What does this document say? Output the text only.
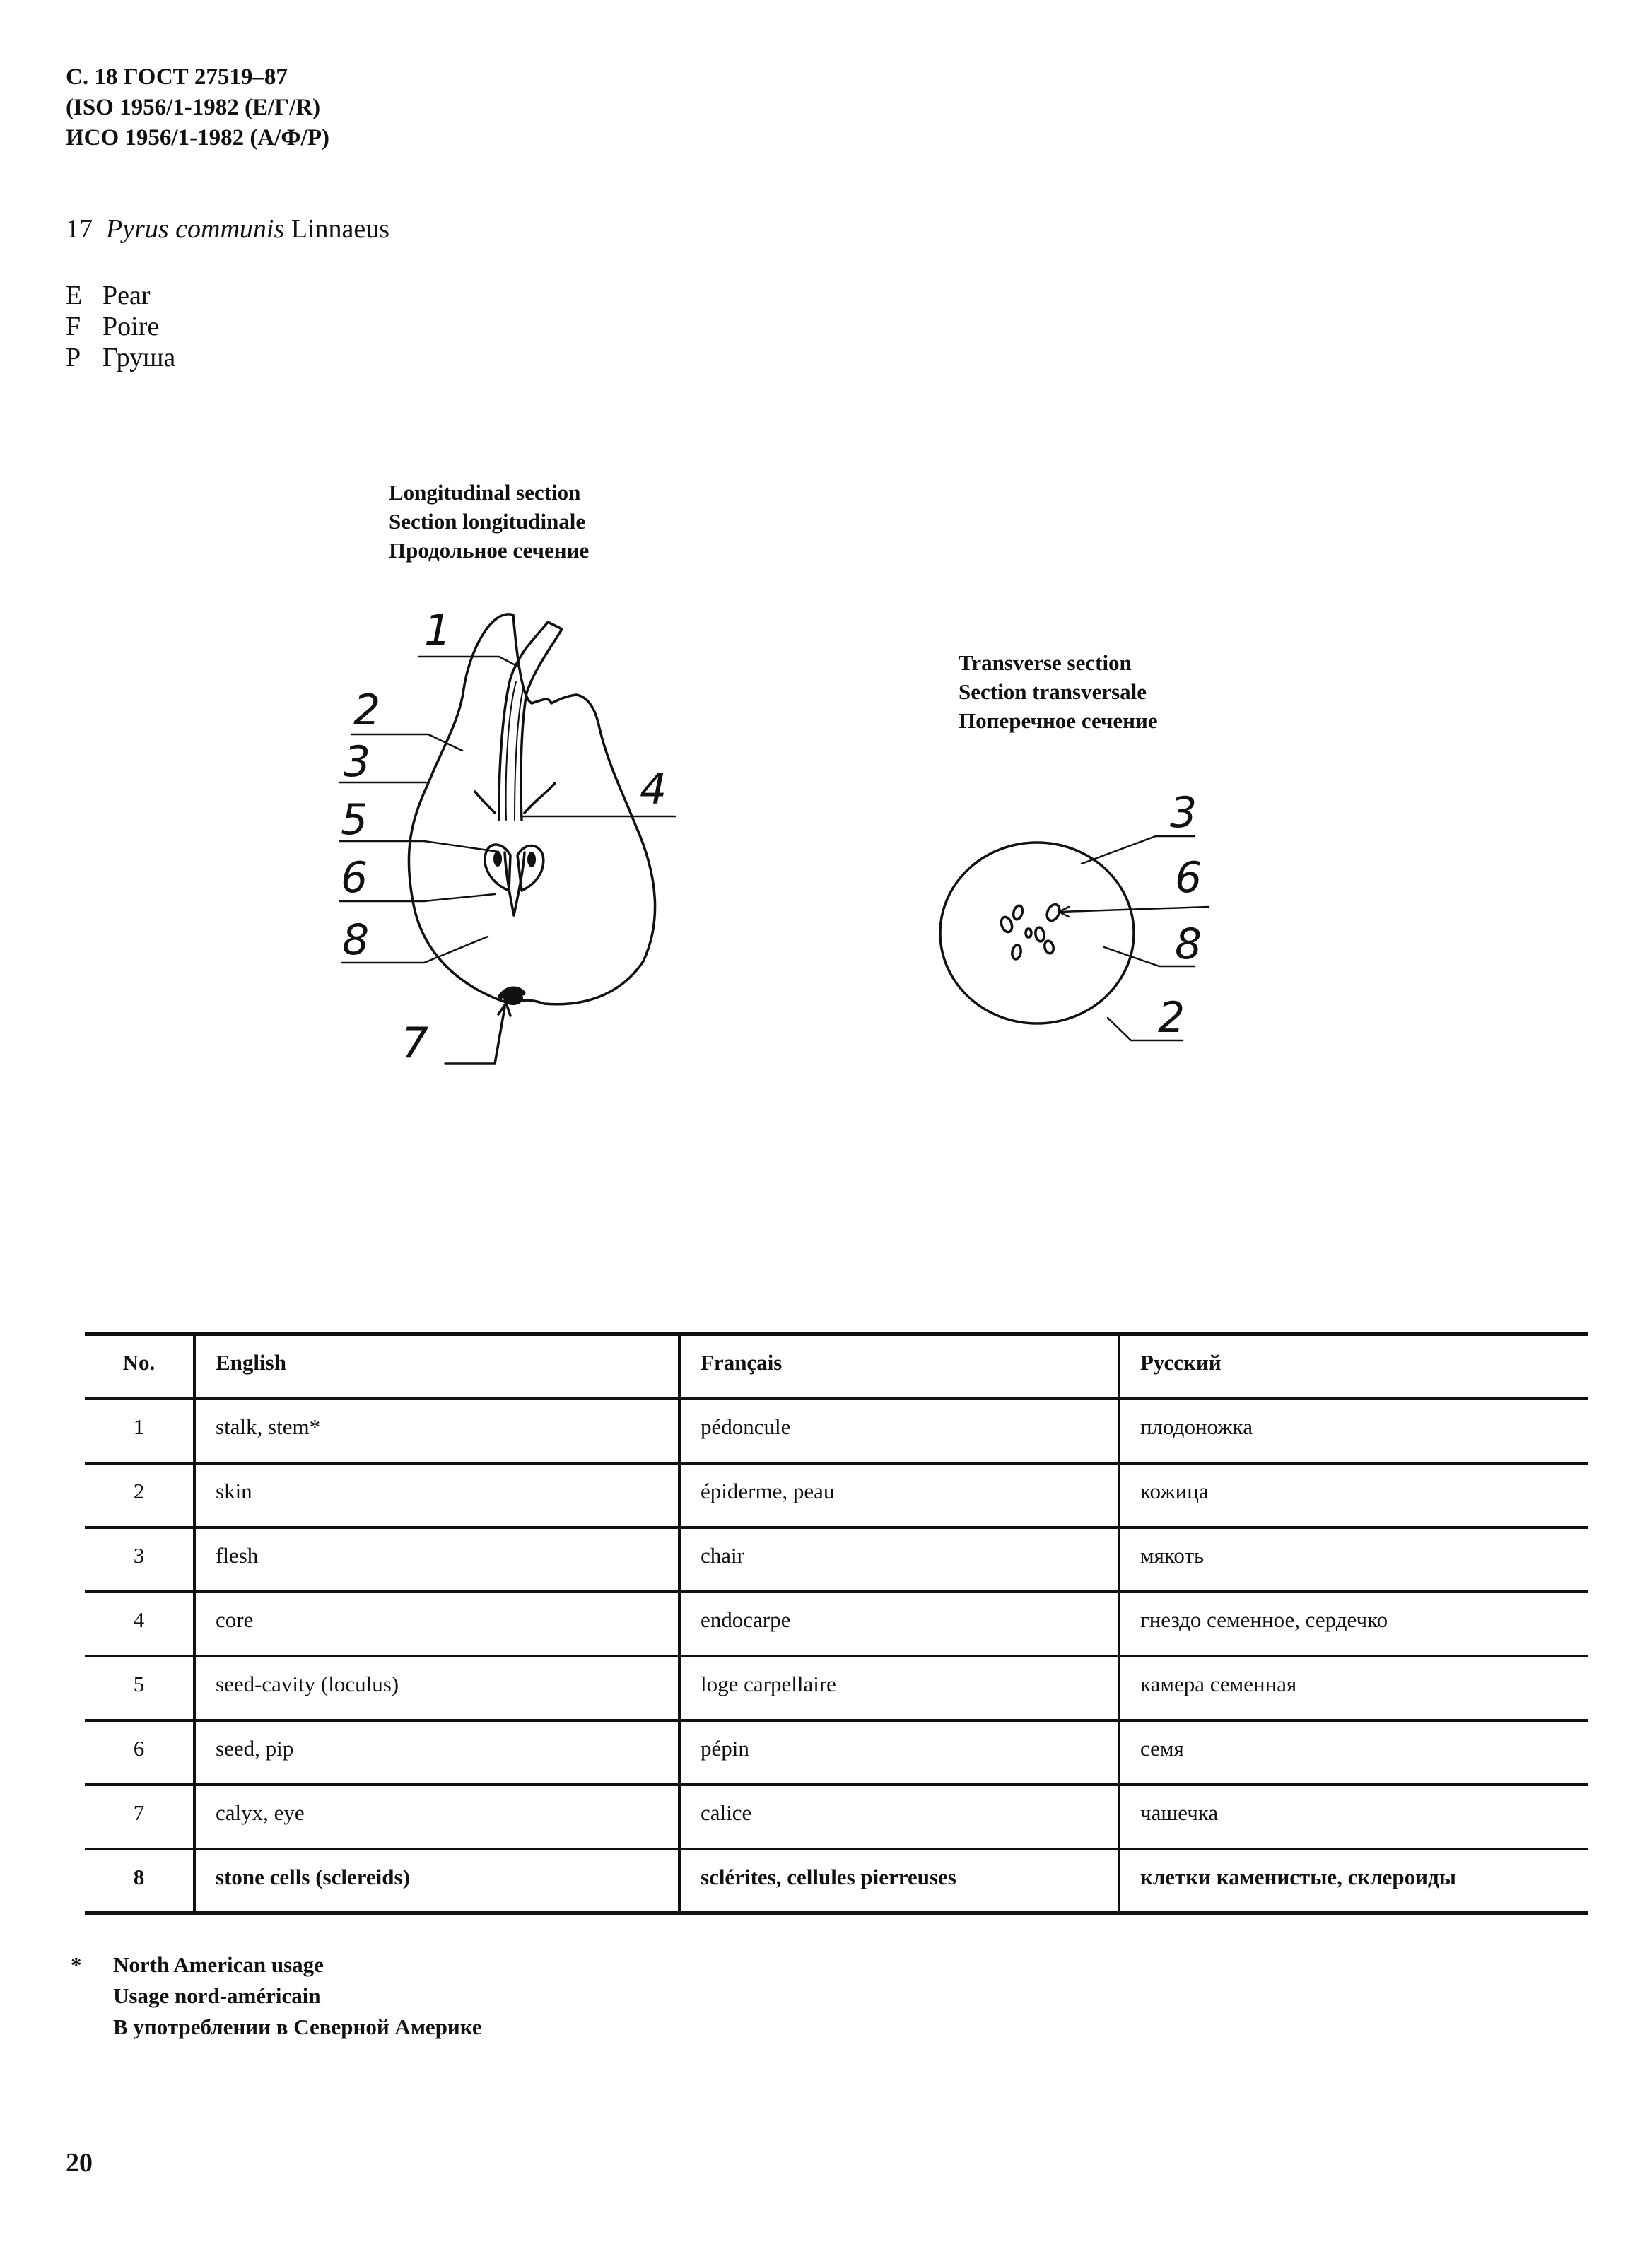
С. 18 ГОСТ 27519–87
(ISO 1956/1-1982 (Е/Г/R)
ИСО 1956/1-1982 (А/Ф/Р)
17 Pyrus communis Linnaeus
E Pear
F Poire
P Груша
Longitudinal section
Section longitudinale
Продольное сечение
Transverse section
Section transversale
Поперечное сечение
1
2
3
4
5
6
7
8
3
6
8
2
No.	English	Français	Русский
1	stalk, stem*	pédoncule	плодоножка
2	skin	épiderme, peau	кожица
3	flesh	chair	мякоть
4	core	endocarpe	гнездо семенное, сердечко
5	seed-cavity (loculus)	loge carpellaire	камера семенная
6	seed, pip	pépin	семя
7	calyx, eye	calice	чашечка
8	stone cells (sclereids)	sclérites, cellules pierreuses	клетки каменистые, склероиды
* North American usage
Usage nord-américain
В употреблении в Северной Америке
20
